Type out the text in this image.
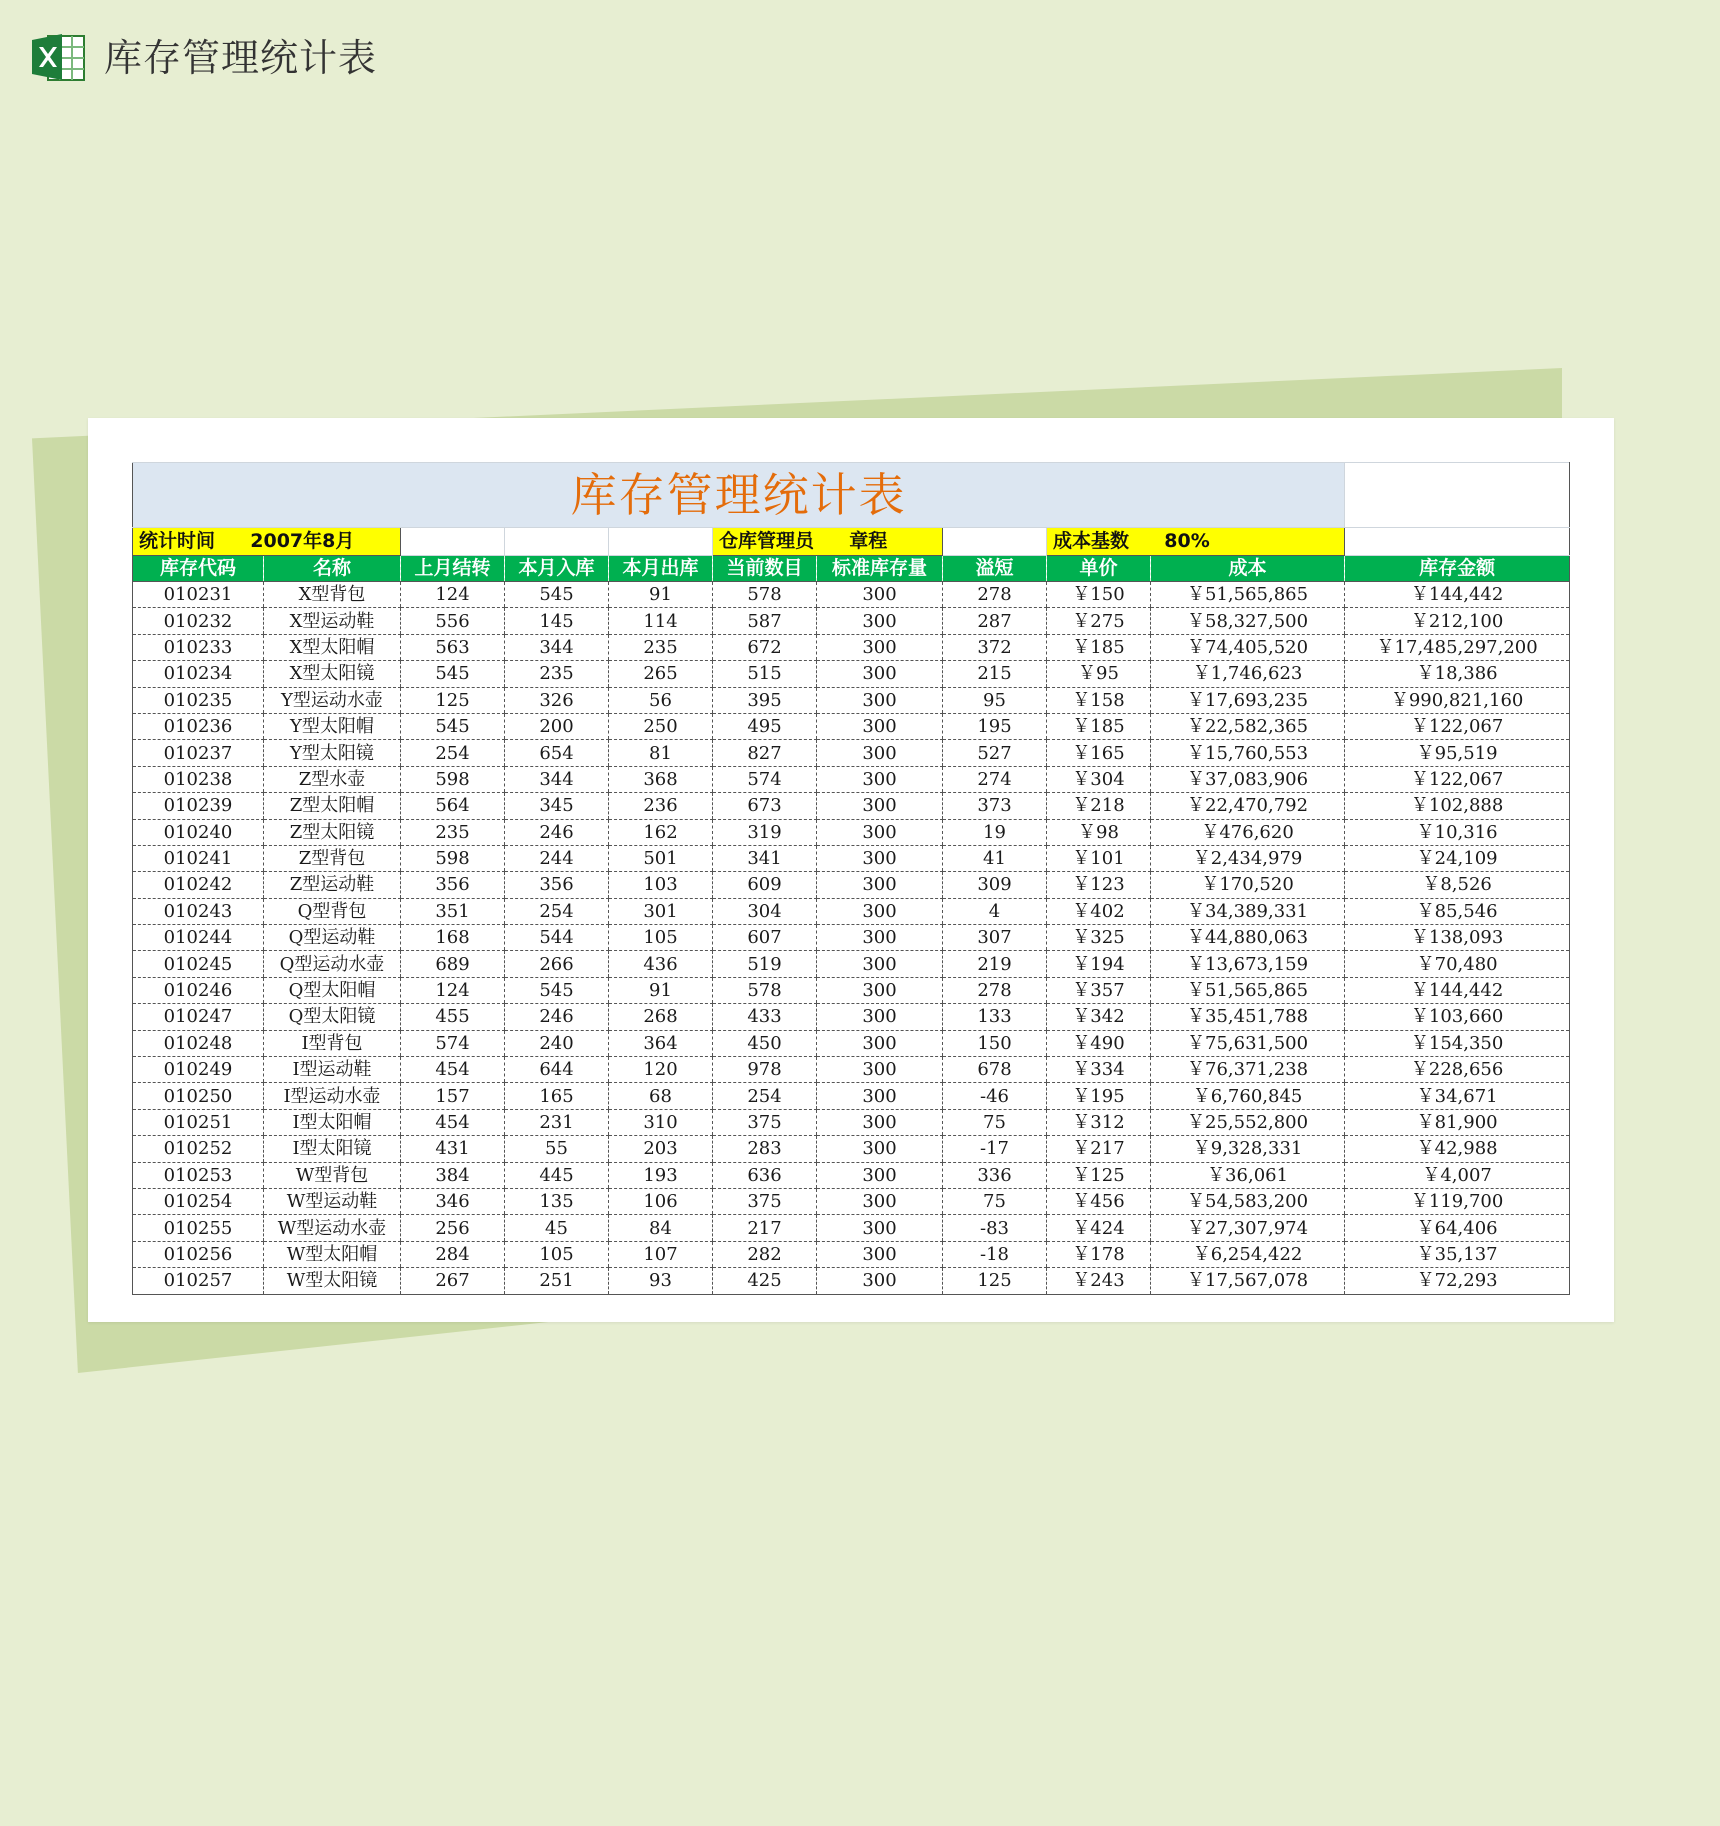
库存管理统计表
库存管理统计表										
统计时间 2007年8月					仓库管理员 章程			成本基数 80%		
库存代码	名称	上月结转	本月入库	本月出库	当前数目	标准库存量	溢短	单价	成本	库存金额
010231	X型背包	124	545	91	578	300	278	￥150	￥51,565,865	￥144,442
010232	X型运动鞋	556	145	114	587	300	287	￥275	￥58,327,500	￥212,100
010233	X型太阳帽	563	344	235	672	300	372	￥185	￥74,405,520	￥17,485,297,200
010234	X型太阳镜	545	235	265	515	300	215	￥95	￥1,746,623	￥18,386
010235	Y型运动水壶	125	326	56	395	300	95	￥158	￥17,693,235	￥990,821,160
010236	Y型太阳帽	545	200	250	495	300	195	￥185	￥22,582,365	￥122,067
010237	Y型太阳镜	254	654	81	827	300	527	￥165	￥15,760,553	￥95,519
010238	Z型水壶	598	344	368	574	300	274	￥304	￥37,083,906	￥122,067
010239	Z型太阳帽	564	345	236	673	300	373	￥218	￥22,470,792	￥102,888
010240	Z型太阳镜	235	246	162	319	300	19	￥98	￥476,620	￥10,316
010241	Z型背包	598	244	501	341	300	41	￥101	￥2,434,979	￥24,109
010242	Z型运动鞋	356	356	103	609	300	309	￥123	￥170,520	￥8,526
010243	Q型背包	351	254	301	304	300	4	￥402	￥34,389,331	￥85,546
010244	Q型运动鞋	168	544	105	607	300	307	￥325	￥44,880,063	￥138,093
010245	Q型运动水壶	689	266	436	519	300	219	￥194	￥13,673,159	￥70,480
010246	Q型太阳帽	124	545	91	578	300	278	￥357	￥51,565,865	￥144,442
010247	Q型太阳镜	455	246	268	433	300	133	￥342	￥35,451,788	￥103,660
010248	I型背包	574	240	364	450	300	150	￥490	￥75,631,500	￥154,350
010249	I型运动鞋	454	644	120	978	300	678	￥334	￥76,371,238	￥228,656
010250	I型运动水壶	157	165	68	254	300	-46	￥195	￥6,760,845	￥34,671
010251	I型太阳帽	454	231	310	375	300	75	￥312	￥25,552,800	￥81,900
010252	I型太阳镜	431	55	203	283	300	-17	￥217	￥9,328,331	￥42,988
010253	W型背包	384	445	193	636	300	336	￥125	￥36,061	￥4,007
010254	W型运动鞋	346	135	106	375	300	75	￥456	￥54,583,200	￥119,700
010255	W型运动水壶	256	45	84	217	300	-83	￥424	￥27,307,974	￥64,406
010256	W型太阳帽	284	105	107	282	300	-18	￥178	￥6,254,422	￥35,137
010257	W型太阳镜	267	251	93	425	300	125	￥243	￥17,567,078	￥72,293
